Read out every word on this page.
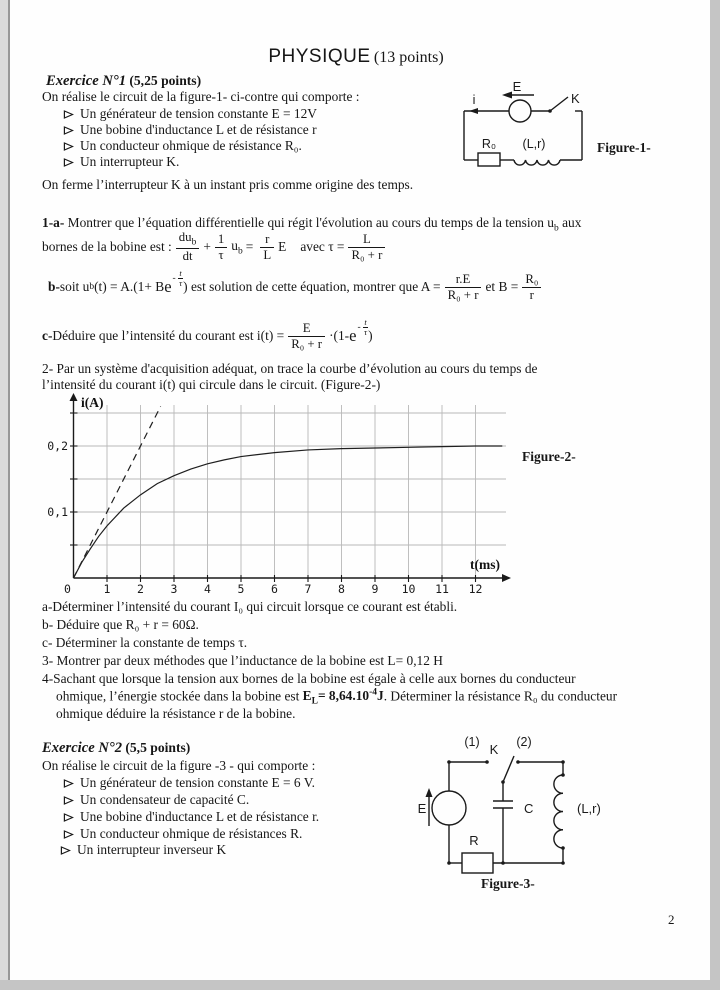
PHYSIQUE (13 points)
Exercice N°1 (5,25 points)
On réalise le circuit de la figure-1- ci-contre qui comporte :
Un générateur de tension constante E = 12V
Une bobine d'inductance L et de résistance r
Un conducteur ohmique de résistance R₀.
Un interrupteur K.
E
i	K
R₀ (L,r)	Figure-1-
On ferme l’interrupteur K à un instant pris comme origine des temps.
1-a- Montrer que l’équation différentielle qui régit l'évolution au cours du temps de la tension $u_b$ aux
bornes de la bobine est : $\frac{du_b}{dt} + \frac{1}{\tau} u_b = \frac{r}{L}$ E avec $\tau = \frac{L}{\text{R₀ + r}}$
b- soit u b (t) = A.(1+ B e - $\frac{t}{\tau}$ ) est solution de cette équation, montrer que $A = \frac{r.E}{\text{R₀ + r}}$ et $B = \frac{\text{R₀}}{r}$
c- Déduire que l’intensité du courant est $i(t) = \frac{E}{\text{R₀ + r}} \cdot(1-$ e - $\frac{t}{\tau}$ )
2- Par un système d'acquisition adéquat, on trace la courbe d’évolution au cours du temps de
l’intensité du courant i(t) qui circule dans le circuit. (Figure-2-)
0	1 2 3 4 5 6 7 8 9 10 11 12
0,1
0,2
i(A)
t(ms)
Figure-2-
a-Déterminer l’intensité du courant I₀ qui circuit lorsque ce courant est établi.
b- Déduire que R₀ + r = 60Ω.
c- Déterminer la constante de temps τ.
3- Montrer par deux méthodes que l’inductance de la bobine est L= 0,12 H
4-Sachant que lorsque la tension aux bornes de la bobine est égale à celle aux bornes du conducteur
ohmique, l’énergie stockée dans la bobine est $E_L= 8,64.10^{-4}J$. Déterminer la résistance R₀ du conducteur
ohmique déduire la résistance r de la bobine.
Exercice N°2 (5,5 points)
On réalise le circuit de la figure -3 - qui comporte :
Un générateur de tension constante E = 6 V.
Un condensateur de capacité C.
Une bobine d'inductance L et de résistance r.
Un conducteur ohmique de résistances R.
Un interrupteur inverseur K
(1) K (2)
E	C	(L,r)
R
Figure-3-
2
